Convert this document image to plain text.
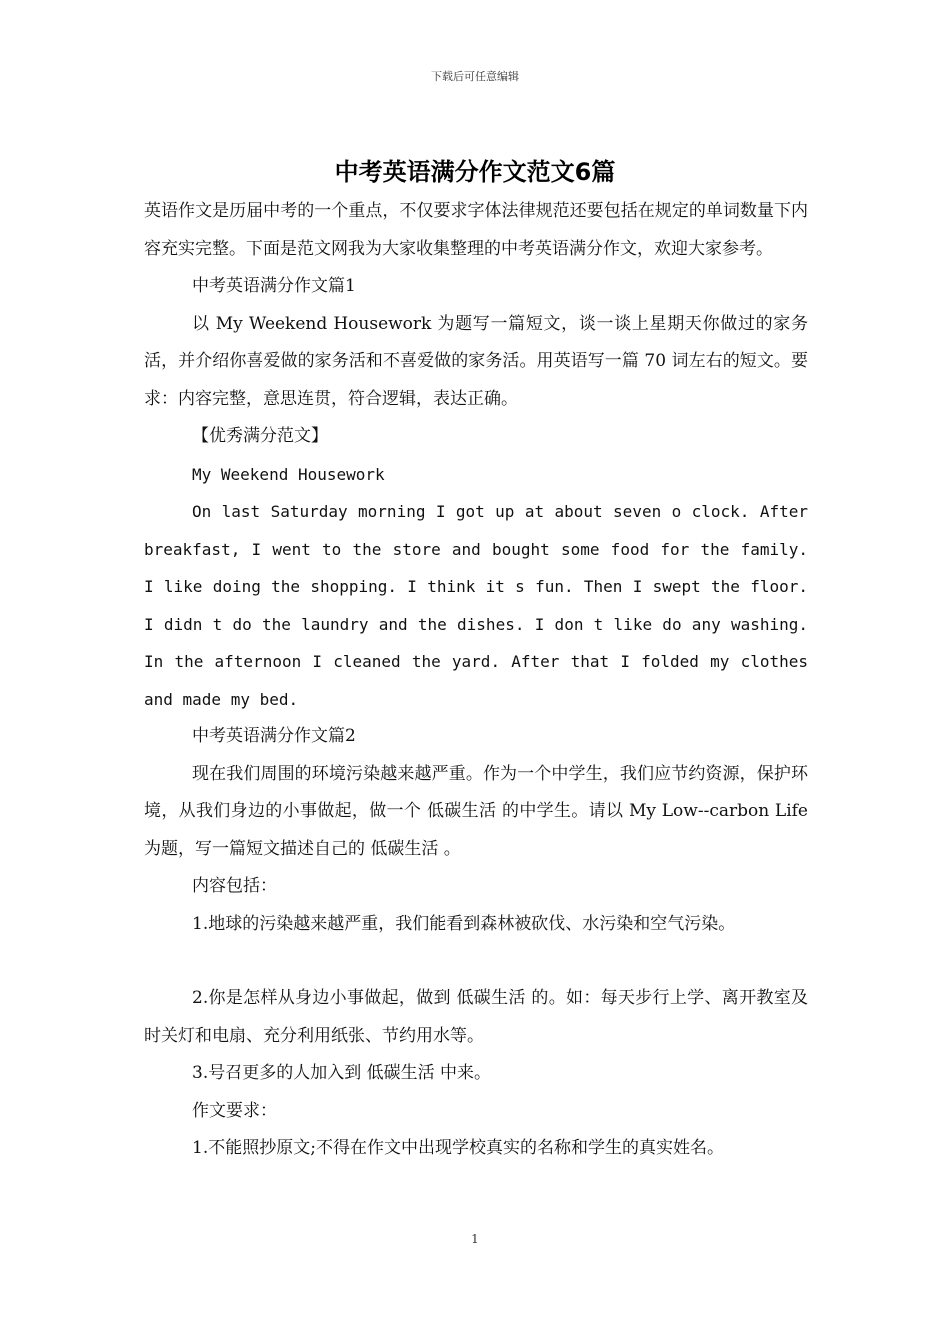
下载后可任意编辑
中考英语满分作文范文6篇

英语作文是历届中考的一个重点，不仅要求字体法律规范还要包括在规定的单词数量下内容充实完整。下面是范文网我为大家收集整理的中考英语满分作文，欢迎大家参考。

中考英语满分作文篇1

以 My Weekend Housework 为题写一篇短文，谈一谈上星期天你做过的家务活，并介绍你喜爱做的家务活和不喜爱做的家务活。用英语写一篇 70 词左右的短文。要求：内容完整，意思连贯，符合逻辑，表达正确。

【优秀满分范文】

My Weekend Housework

On last Saturday morning I got up at about seven o clock. After breakfast, I went to the store and bought some food for the family. I like doing the shopping. I think it s fun. Then I swept the floor. I didn t do the laundry and the dishes. I don t like do any washing. In the afternoon I cleaned the yard. After that I folded my clothes and made my bed.

中考英语满分作文篇2

现在我们周围的环境污染越来越严重。作为一个中学生，我们应节约资源，保护环境，从我们身边的小事做起，做一个 低碳生活 的中学生。请以 My Low--carbon Life 为题，写一篇短文描述自己的 低碳生活 。

内容包括：

1.地球的污染越来越严重，我们能看到森林被砍伐、水污染和空气污染。

2.你是怎样从身边小事做起，做到 低碳生活 的。如：每天步行上学、离开教室及时关灯和电扇、充分利用纸张、节约用水等。

3.号召更多的人加入到 低碳生活 中来。

作文要求：

1.不能照抄原文;不得在作文中出现学校真实的名称和学生的真实姓名。

1
